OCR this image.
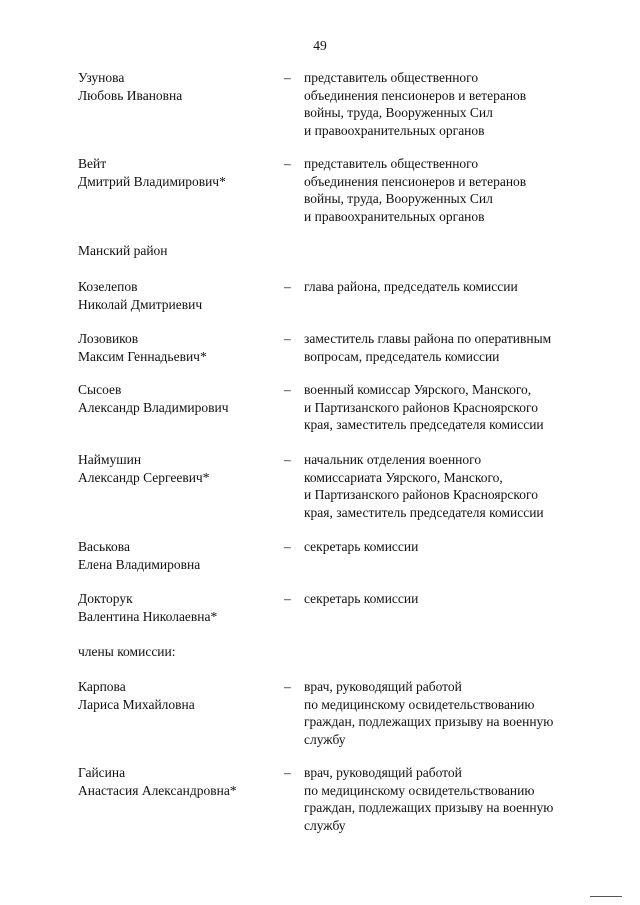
49
Узунова
Любовь Ивановна
– представитель общественного
объединения пенсионеров и ветеранов
войны, труда, Вооруженных Сил
и правоохранительных органов
Вейт
Дмитрий Владимирович*
– представитель общественного
объединения пенсионеров и ветеранов
войны, труда, Вооруженных Сил
и правоохранительных органов
Манский район
Козелепов
Николай Дмитриевич
– глава района, председатель комиссии
Лозовиков
Максим Геннадьевич*
– заместитель главы района по оперативным
вопросам, председатель комиссии
Сысоев
Александр Владимирович
– военный комиссар Уярского, Манского,
и Партизанского районов Красноярского
края, заместитель председателя комиссии
Наймушин
Александр Сергеевич*
– начальник отделения военного
комиссариата Уярского, Манского,
и Партизанского районов Красноярского
края, заместитель председателя комиссии
Васькова
Елена Владимировна
– секретарь комиссии
Докторук
Валентина Николаевна*
– секретарь комиссии
члены комиссии:
Карпова
Лариса Михайловна
– врач, руководящий работой
по медицинскому освидетельствованию
граждан, подлежащих призыву на военную
службу
Гайсина
Анастасия Александровна*
– врач, руководящий работой
по медицинскому освидетельствованию
граждан, подлежащих призыву на военную
службу
